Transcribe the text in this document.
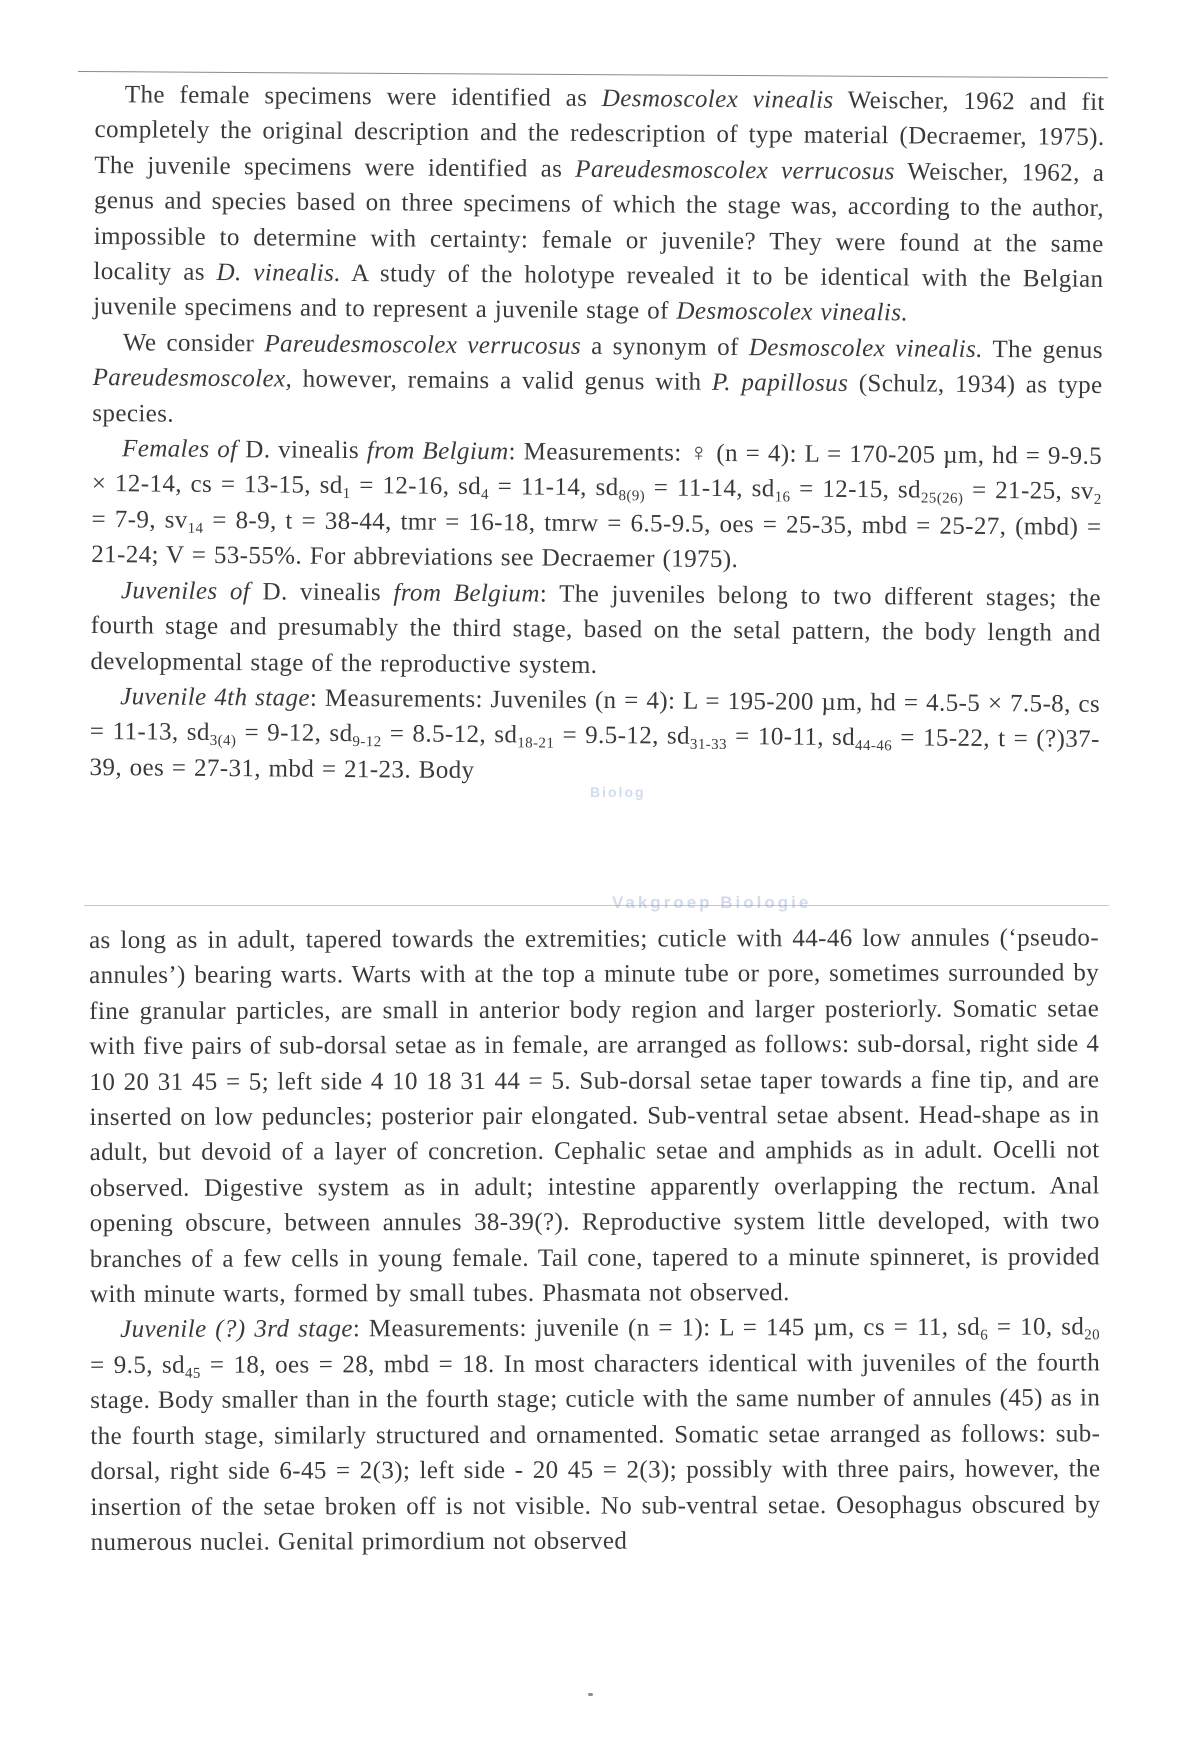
The female specimens were identified as Desmoscolex vinealis Weischer, 1962 and fit completely the original description and the redescription of type material (Decraemer, 1975). The juvenile specimens were identified as Pareudesmoscolex verrucosus Weischer, 1962, a genus and species based on three specimens of which the stage was, according to the author, impossible to determine with certainty: female or juvenile? They were found at the same locality as D. vinealis. A study of the holotype revealed it to be identical with the Belgian juvenile specimens and to represent a juvenile stage of Desmoscolex vinealis.

We consider Pareudesmoscolex verrucosus a synonym of Desmoscolex vinealis. The genus Pareudesmoscolex, however, remains a valid genus with P. papillosus (Schulz, 1934) as type species.

Females of D. vinealis from Belgium: Measurements: ♀ (n = 4): L = 170-205 µm, hd = 9-9.5 × 12-14, cs = 13-15, $sd_1 = 12-16$, $sd_4 = 11-14$, $sd_{8(9)} = 11-14$, $sd_{16} = 12-15$, $sd_{25(26)} = 21-25$, $sv_2 = 7-9$, $sv_{14} = 8-9$, t = 38-44, tmr = 16-18, tmrw = 6.5-9.5, oes = 25-35, mbd = 25-27, (mbd) = 21-24; V = 53-55%. For abbreviations see Decraemer (1975).

Juveniles of D. vinealis from Belgium: The juveniles belong to two different stages; the fourth stage and presumably the third stage, based on the setal pattern, the body length and developmental stage of the reproductive system.

Juvenile 4th stage: Measurements: Juveniles (n = 4): L = 195-200 µm, hd = 4.5-5 × 7.5-8, cs = 11-13, $sd_{3(4)} = 9-12$, $sd_{9-12} = 8.5-12$, $sd_{18-21} = 9.5-12$, $sd_{31-33} = 10-11$, $sd_{44-46} = 15-22$, t = (?)37-39, oes = 27-31, mbd = 21-23. Body

Biolog
Vakgroep Biologie

as long as in adult, tapered towards the extremities; cuticle with 44-46 low annules (‘pseudo-annules’) bearing warts. Warts with at the top a minute tube or pore, sometimes surrounded by fine granular particles, are small in anterior body region and larger posteriorly. Somatic setae with five pairs of sub-dorsal setae as in female, are arranged as follows: sub-dorsal, right side 4 10 20 31 45 = 5; left side 4 10 18 31 44 = 5. Sub-dorsal setae taper towards a fine tip, and are inserted on low peduncles; posterior pair elongated. Sub-ventral setae absent. Head-shape as in adult, but devoid of a layer of concretion. Cephalic setae and amphids as in adult. Ocelli not observed. Digestive system as in adult; intestine apparently overlapping the rectum. Anal opening obscure, between annules 38-39(?). Reproductive system little developed, with two branches of a few cells in young female. Tail cone, tapered to a minute spinneret, is provided with minute warts, formed by small tubes. Phasmata not observed.

Juvenile (?) 3rd stage: Measurements: juvenile (n = 1): L = 145 µm, cs = 11, $sd_6 = 10$, $sd_{20} = 9.5$, $sd_{45} = 18$, oes = 28, mbd = 18. In most characters identical with juveniles of the fourth stage. Body smaller than in the fourth stage; cuticle with the same number of annules (45) as in the fourth stage, similarly structured and ornamented. Somatic setae arranged as follows: sub-dorsal, right side 6-45 = 2(3); left side - 20 45 = 2(3); possibly with three pairs, however, the insertion of the setae broken off is not visible. No sub-ventral setae. Oesophagus obscured by numerous nuclei. Genital primordium not observed
